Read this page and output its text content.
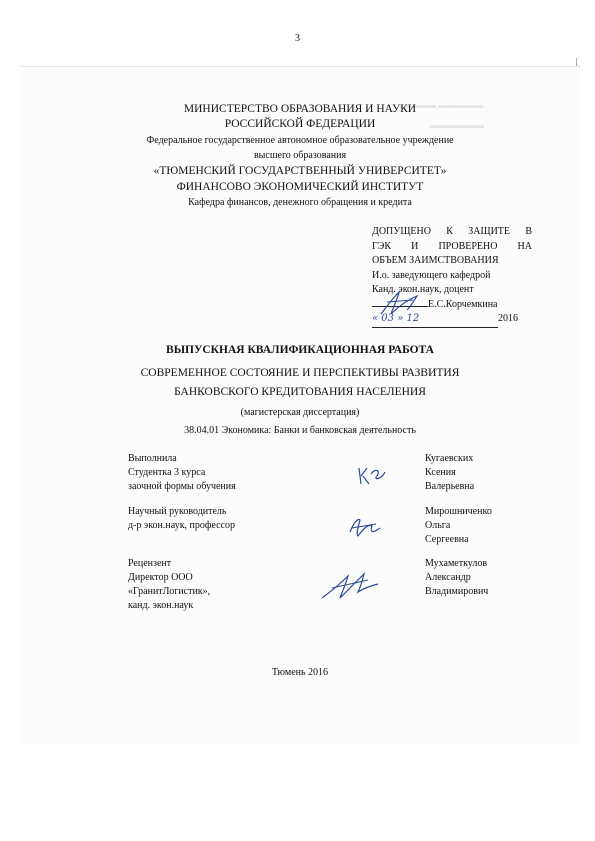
▬▬▬▬ ▬▬▬▬▬
▬▬▬▬▬▬
3
МИНИСТЕРСТВО ОБРАЗОВАНИЯ И НАУКИ
РОССИЙСКОЙ ФЕДЕРАЦИИ
Федеральное государственное автономное образовательное учреждение
высшего образования
«ТЮМЕНСКИЙ ГОСУДАРСТВЕННЫЙ УНИВЕРСИТЕТ»
ФИНАНСОВО ЭКОНОМИЧЕСКИЙ ИНСТИТУТ
Кафедра финансов, денежного обращения и кредита
ДОПУЩЕНО К ЗАЩИТЕ В
ГЭК И ПРОВЕРЕНО НА
ОБЪЕМ ЗАИМСТВОВАНИЯ
И.о. заведующего кафедрой
Канд. экон.наук, доцент
Е.С.Корчемкина
« 03 » 12	2016
ВЫПУСКНАЯ КВАЛИФИКАЦИОННАЯ РАБОТА
СОВРЕМЕННОЕ СОСТОЯНИЕ И ПЕРСПЕКТИВЫ РАЗВИТИЯ
БАНКОВСКОГО КРЕДИТОВАНИЯ НАСЕЛЕНИЯ
(магистерская диссертация)
38.04.01 Экономика: Банки и банковская деятельность
Выполнила
Студентка 3 курса
заочной формы обучения
Кугаевских
Ксения
Валерьевна
Научный руководитель
д-р экон.наук, профессор
Мирошниченко
Ольга
Сергеевна
Рецензент
Директор ООО
«ГранитЛогистик»,
канд. экон.наук
Мухаметкулов
Александр
Владимирович
Тюмень 2016
